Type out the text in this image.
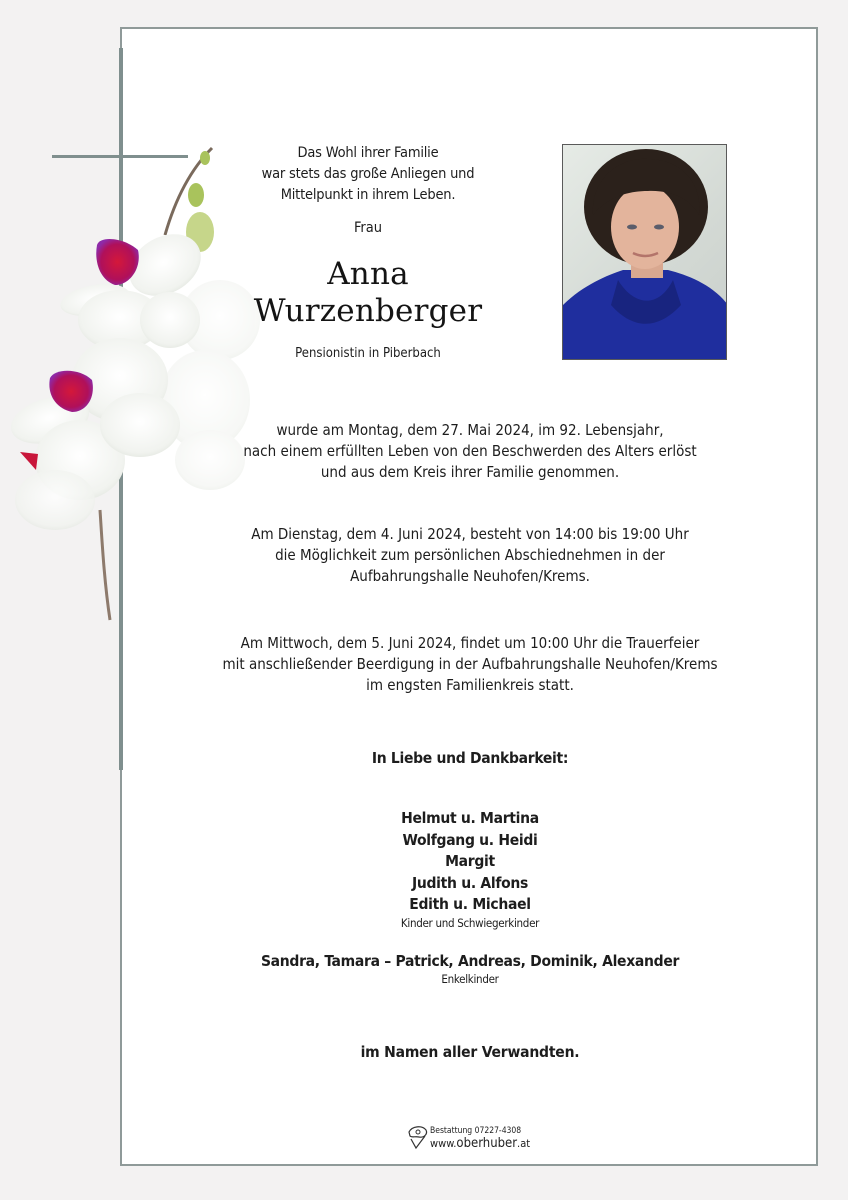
Das Wohl ihrer Familie
war stets das große Anliegen und
Mittelpunkt in ihrem Leben.
Frau
Anna
Wurzenberger
Pensionistin in Piberbach
wurde am Montag, dem 27. Mai 2024, im 92. Lebensjahr,
nach einem erfüllten Leben von den Beschwerden des Alters erlöst
und aus dem Kreis ihrer Familie genommen.
Am Dienstag, dem 4. Juni 2024, besteht von 14:00 bis 19:00 Uhr
die Möglichkeit zum persönlichen Abschiednehmen in der
Aufbahrungshalle Neuhofen/Krems.
Am Mittwoch, dem 5. Juni 2024, findet um 10:00 Uhr die Trauerfeier
mit anschließender Beerdigung in der Aufbahrungshalle Neuhofen/Krems
im engsten Familienkreis statt.
In Liebe und Dankbarkeit:
Helmut u. Martina
Wolfgang u. Heidi
Margit
Judith u. Alfons
Edith u. Michael
Kinder und Schwiegerkinder
Sandra, Tamara – Patrick, Andreas, Dominik, Alexander
Enkelkinder
im Namen aller Verwandten.
Bestattung 07227-4308
www.oberhuber.at
